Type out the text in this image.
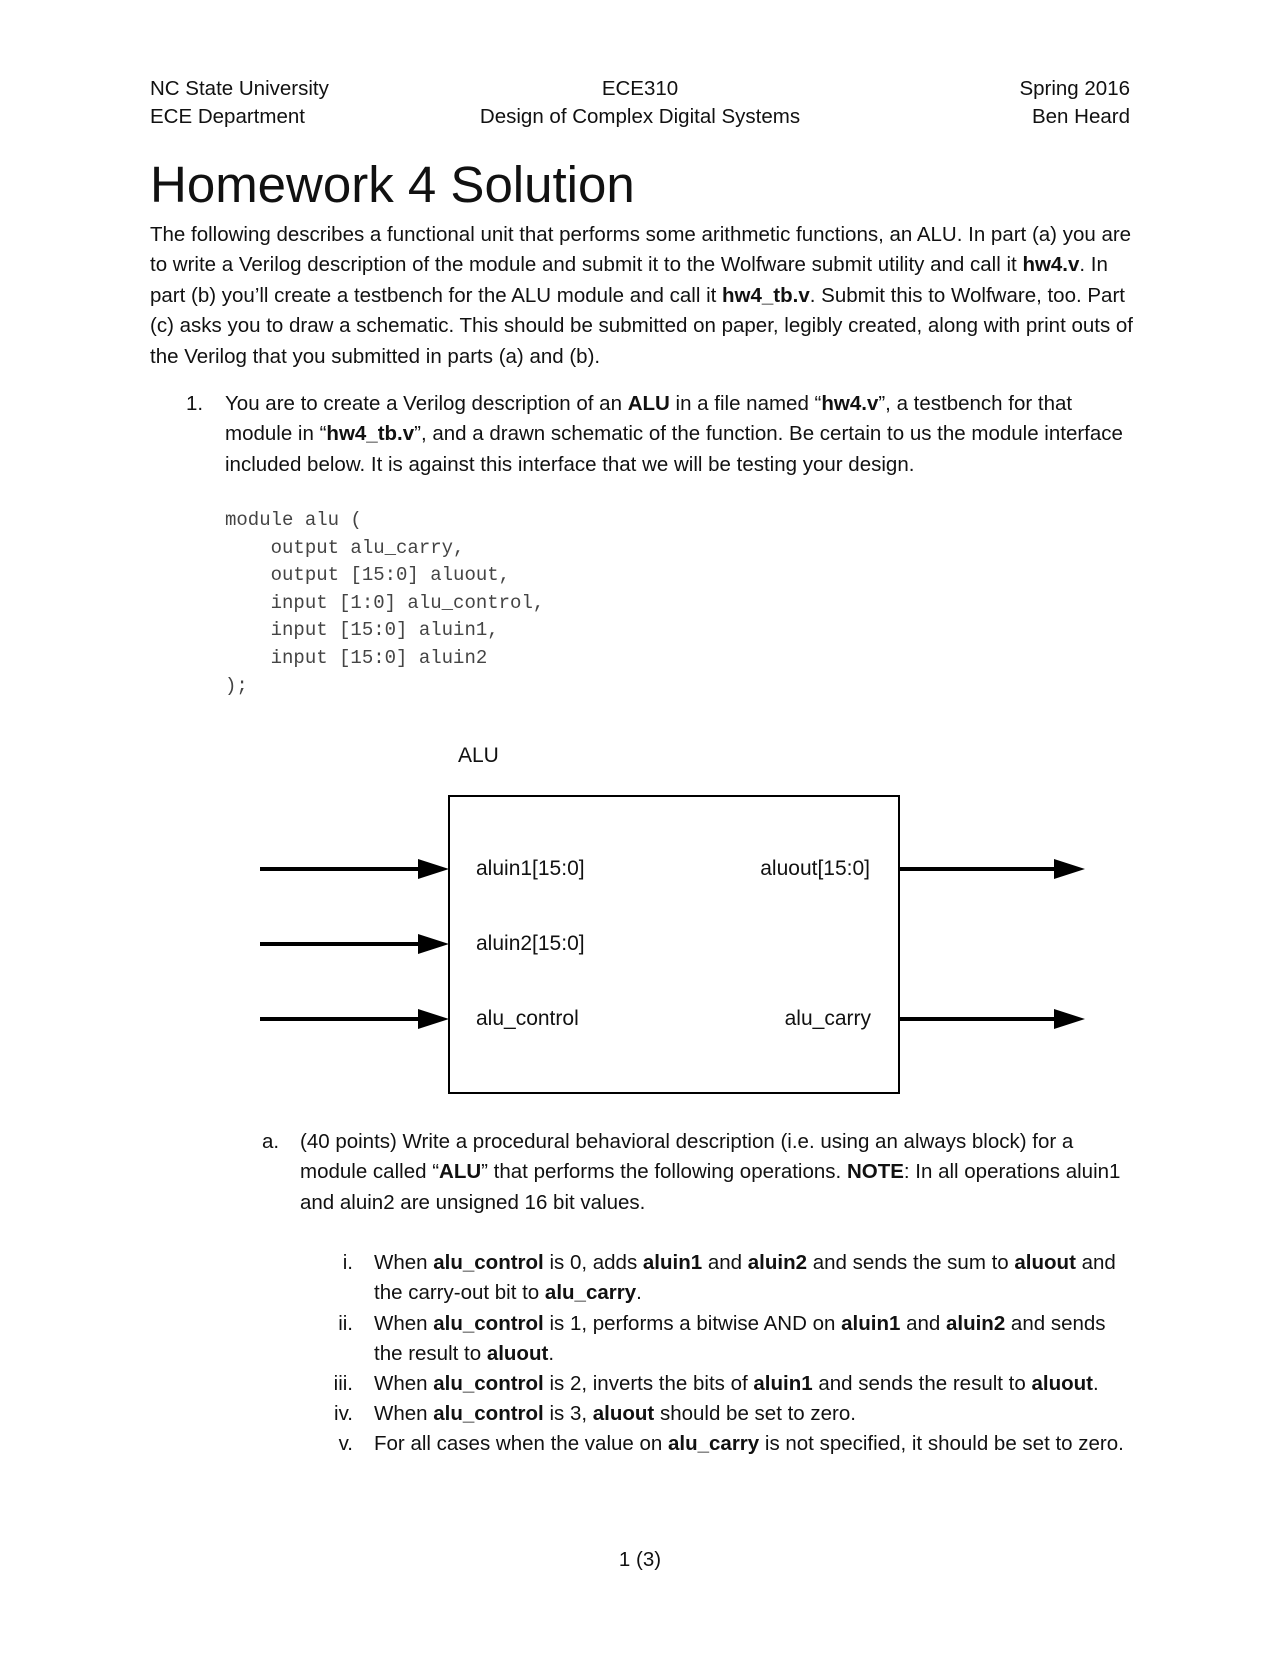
NC State University
ECE Department
ECE310
Design of Complex Digital Systems
Spring 2016
Ben Heard
Homework 4 Solution
The following describes a functional unit that performs some arithmetic functions, an ALU. In part (a) you are to write a Verilog description of the module and submit it to the Wolfware submit utility and call it hw4.v. In part (b) you’ll create a testbench for the ALU module and call it hw4_tb.v. Submit this to Wolfware, too. Part (c) asks you to draw a schematic. This should be submitted on paper, legibly created, along with print outs of the Verilog that you submitted in parts (a) and (b).
1. You are to create a Verilog description of an ALU in a file named “hw4.v”, a testbench for that module in “hw4_tb.v”, and a drawn schematic of the function. Be certain to us the module interface included below. It is against this interface that we will be testing your design.
module alu (
output alu_carry,
output [15:0] aluout,
input [1:0] alu_control,
input [15:0] aluin1,
input [15:0] aluin2
);
ALU
aluin1[15:0]
aluin2[15:0]
alu_control
aluout[15:0]
alu_carry
a. (40 points) Write a procedural behavioral description (i.e. using an always block) for a module called “ALU” that performs the following operations. NOTE: In all operations aluin1 and aluin2 are unsigned 16 bit values.
i. When alu_control is 0, adds aluin1 and aluin2 and sends the sum to aluout and the carry-out bit to alu_carry.
ii. When alu_control is 1, performs a bitwise AND on aluin1 and aluin2 and sends the result to aluout.
iii. When alu_control is 2, inverts the bits of aluin1 and sends the result to aluout.
iv. When alu_control is 3, aluout should be set to zero.
v. For all cases when the value on alu_carry is not specified, it should be set to zero.
1 (3)
